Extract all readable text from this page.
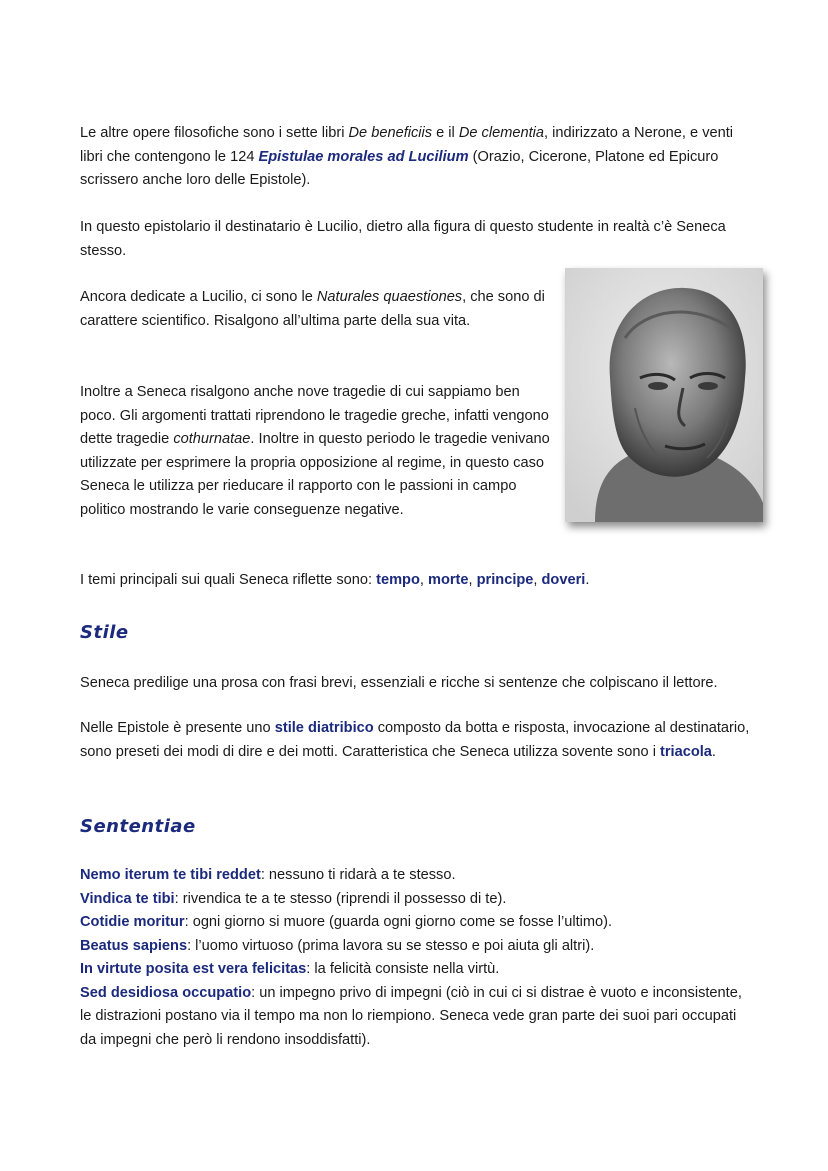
Le altre opere filosofiche sono i sette libri De beneficiis e il De clementia, indirizzato a Nerone, e venti libri che contengono le 124 Epistulae morales ad Lucilium (Orazio, Cicerone, Platone ed Epicuro scrissero anche loro delle Epistole).

In questo epistolario il destinatario è Lucilio, dietro alla figura di questo studente in realtà c’è Seneca stesso.

Ancora dedicate a Lucilio, ci sono le Naturales quaestiones, che sono di carattere scientifico. Risalgono all’ultima parte della sua vita.

Inoltre a Seneca risalgono anche nove tragedie di cui sappiamo ben poco. Gli argomenti trattati riprendono le tragedie greche, infatti vengono dette tragedie cothurnatae. Inoltre in questo periodo le tragedie venivano utilizzate per esprimere la propria opposizione al regime, in questo caso Seneca le utilizza per rieducare il rapporto con le passioni in campo politico mostrando le varie conseguenze negative.

I temi principali sui quali Seneca riflette sono: tempo, morte, principe, doveri.

Stile

Seneca predilige una prosa con frasi brevi, essenziali e ricche si sentenze che colpiscano il lettore.

Nelle Epistole è presente uno stile diatribico composto da botta e risposta, invocazione al destinatario, sono preseti dei modi di dire e dei motti. Caratteristica che Seneca utilizza sovente sono i triacola.

Sententiae
Nemo iterum te tibi reddet: nessuno ti ridarà a te stesso.
Vindica te tibi: rivendica te a te stesso (riprendi il possesso di te).
Cotidie moritur: ogni giorno si muore (guarda ogni giorno come se fosse l’ultimo).
Beatus sapiens: l’uomo virtuoso (prima lavora su se stesso e poi aiuta gli altri).
In virtute posita est vera felicitas: la felicità consiste nella virtù.
Sed desidiosa occupatio: un impegno privo di impegni (ciò in cui ci si distrae è vuoto e inconsistente, le distrazioni postano via il tempo ma non lo riempiono. Seneca vede gran parte dei suoi pari occupati da impegni che però li rendono insoddisfatti).
